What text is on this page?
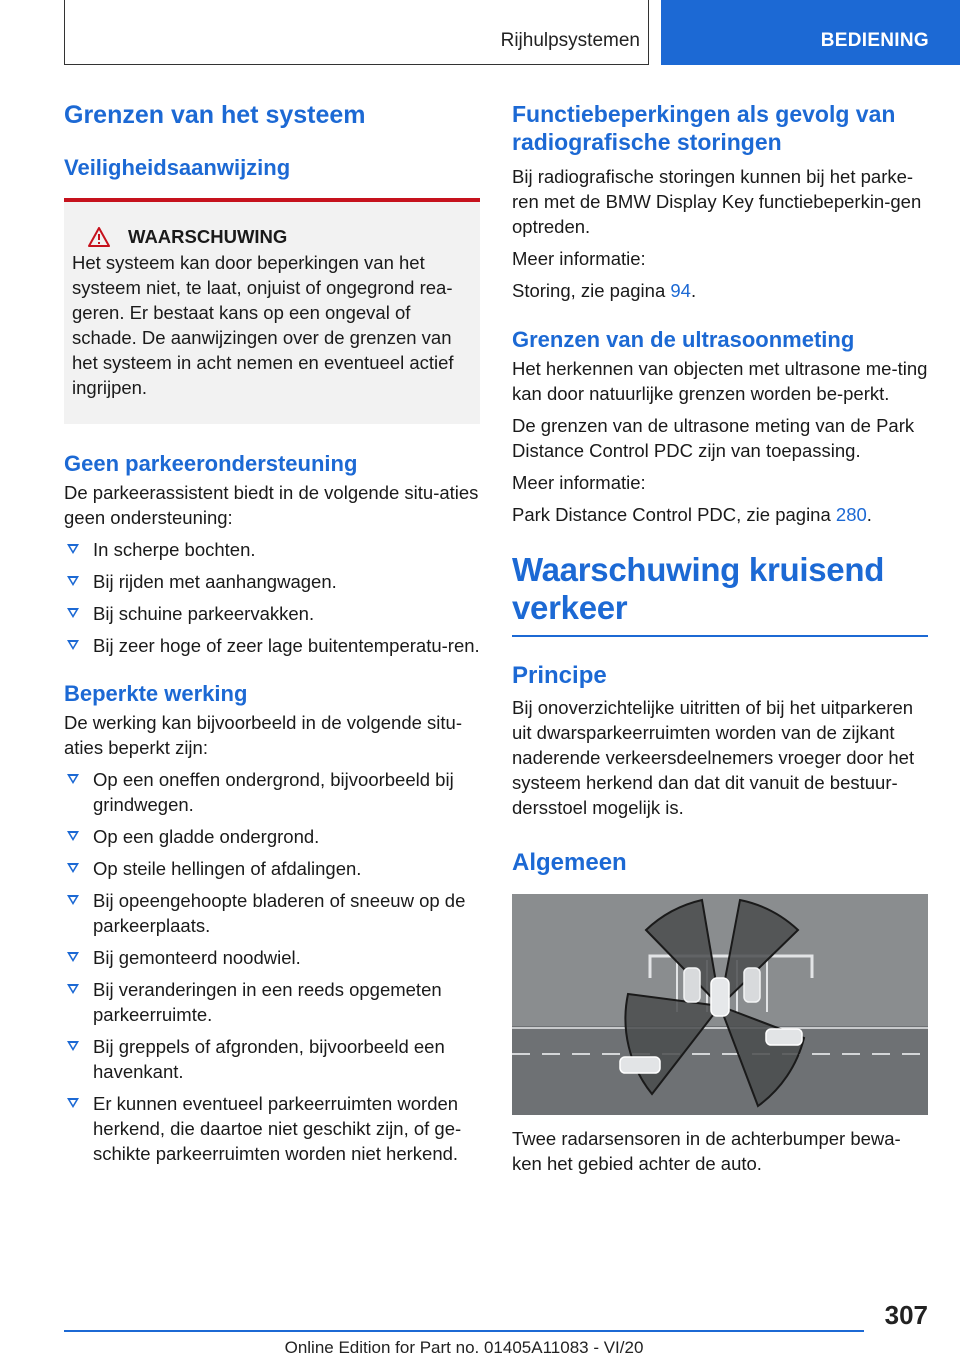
Rijhulpsystemen	BEDIENING
Grenzen van het systeem
Veiligheidsaanwijzing
WAARSCHUWING

Het systeem kan door beperkingen van het systeem niet, te laat, onjuist of ongegrond rea-geren. Er bestaat kans op een ongeval of schade. De aanwijzingen over de grenzen van het systeem in acht nemen en eventueel actief ingrijpen.

Geen parkeerondersteuning

De parkeerassistent biedt in de volgende situ-aties geen ondersteuning:

In scherpe bochten.
Bij rijden met aanhangwagen.
Bij schuine parkeervakken.
Bij zeer hoge of zeer lage buitentemperatu-ren.
Beperkte werking

De werking kan bijvoorbeeld in de volgende situ-aties beperkt zijn:

Op een oneffen ondergrond, bijvoorbeeld bij grindwegen.
Op een gladde ondergrond.
Op steile hellingen of afdalingen.
Bij opeengehoopte bladeren of sneeuw op de parkeerplaats.
Bij gemonteerd noodwiel.
Bij veranderingen in een reeds opgemeten parkeerruimte.
Bij greppels of afgronden, bijvoorbeeld een havenkant.
Er kunnen eventueel parkeerruimten worden herkend, die daartoe niet geschikt zijn, of ge-schikte parkeerruimten worden niet herkend.
Functiebeperkingen als gevolg van radiografische storingen

Bij radiografische storingen kunnen bij het parke-ren met de BMW Display Key functiebeperkin-gen optreden.

Meer informatie:

Storing, zie pagina 94.

Grenzen van de ultrasoonmeting

Het herkennen van objecten met ultrasone me-ting kan door natuurlijke grenzen worden be-perkt.

De grenzen van de ultrasone meting van de Park Distance Control PDC zijn van toepassing.

Meer informatie:

Park Distance Control PDC, zie pagina 280.

Waarschuwing kruisend verkeer
Principe

Bij onoverzichtelijke uitritten of bij het uitparkeren uit dwarsparkeerruimten worden van de zijkant naderende verkeersdeelnemers vroeger door het systeem herkend dan dat dit vanuit de bestuur-dersstoel mogelijk is.

Algemeen

Twee radarsensoren in de achterbumper bewa-ken het gebied achter de auto.

307
Online Edition for Part no. 01405A11083 - VI/20
